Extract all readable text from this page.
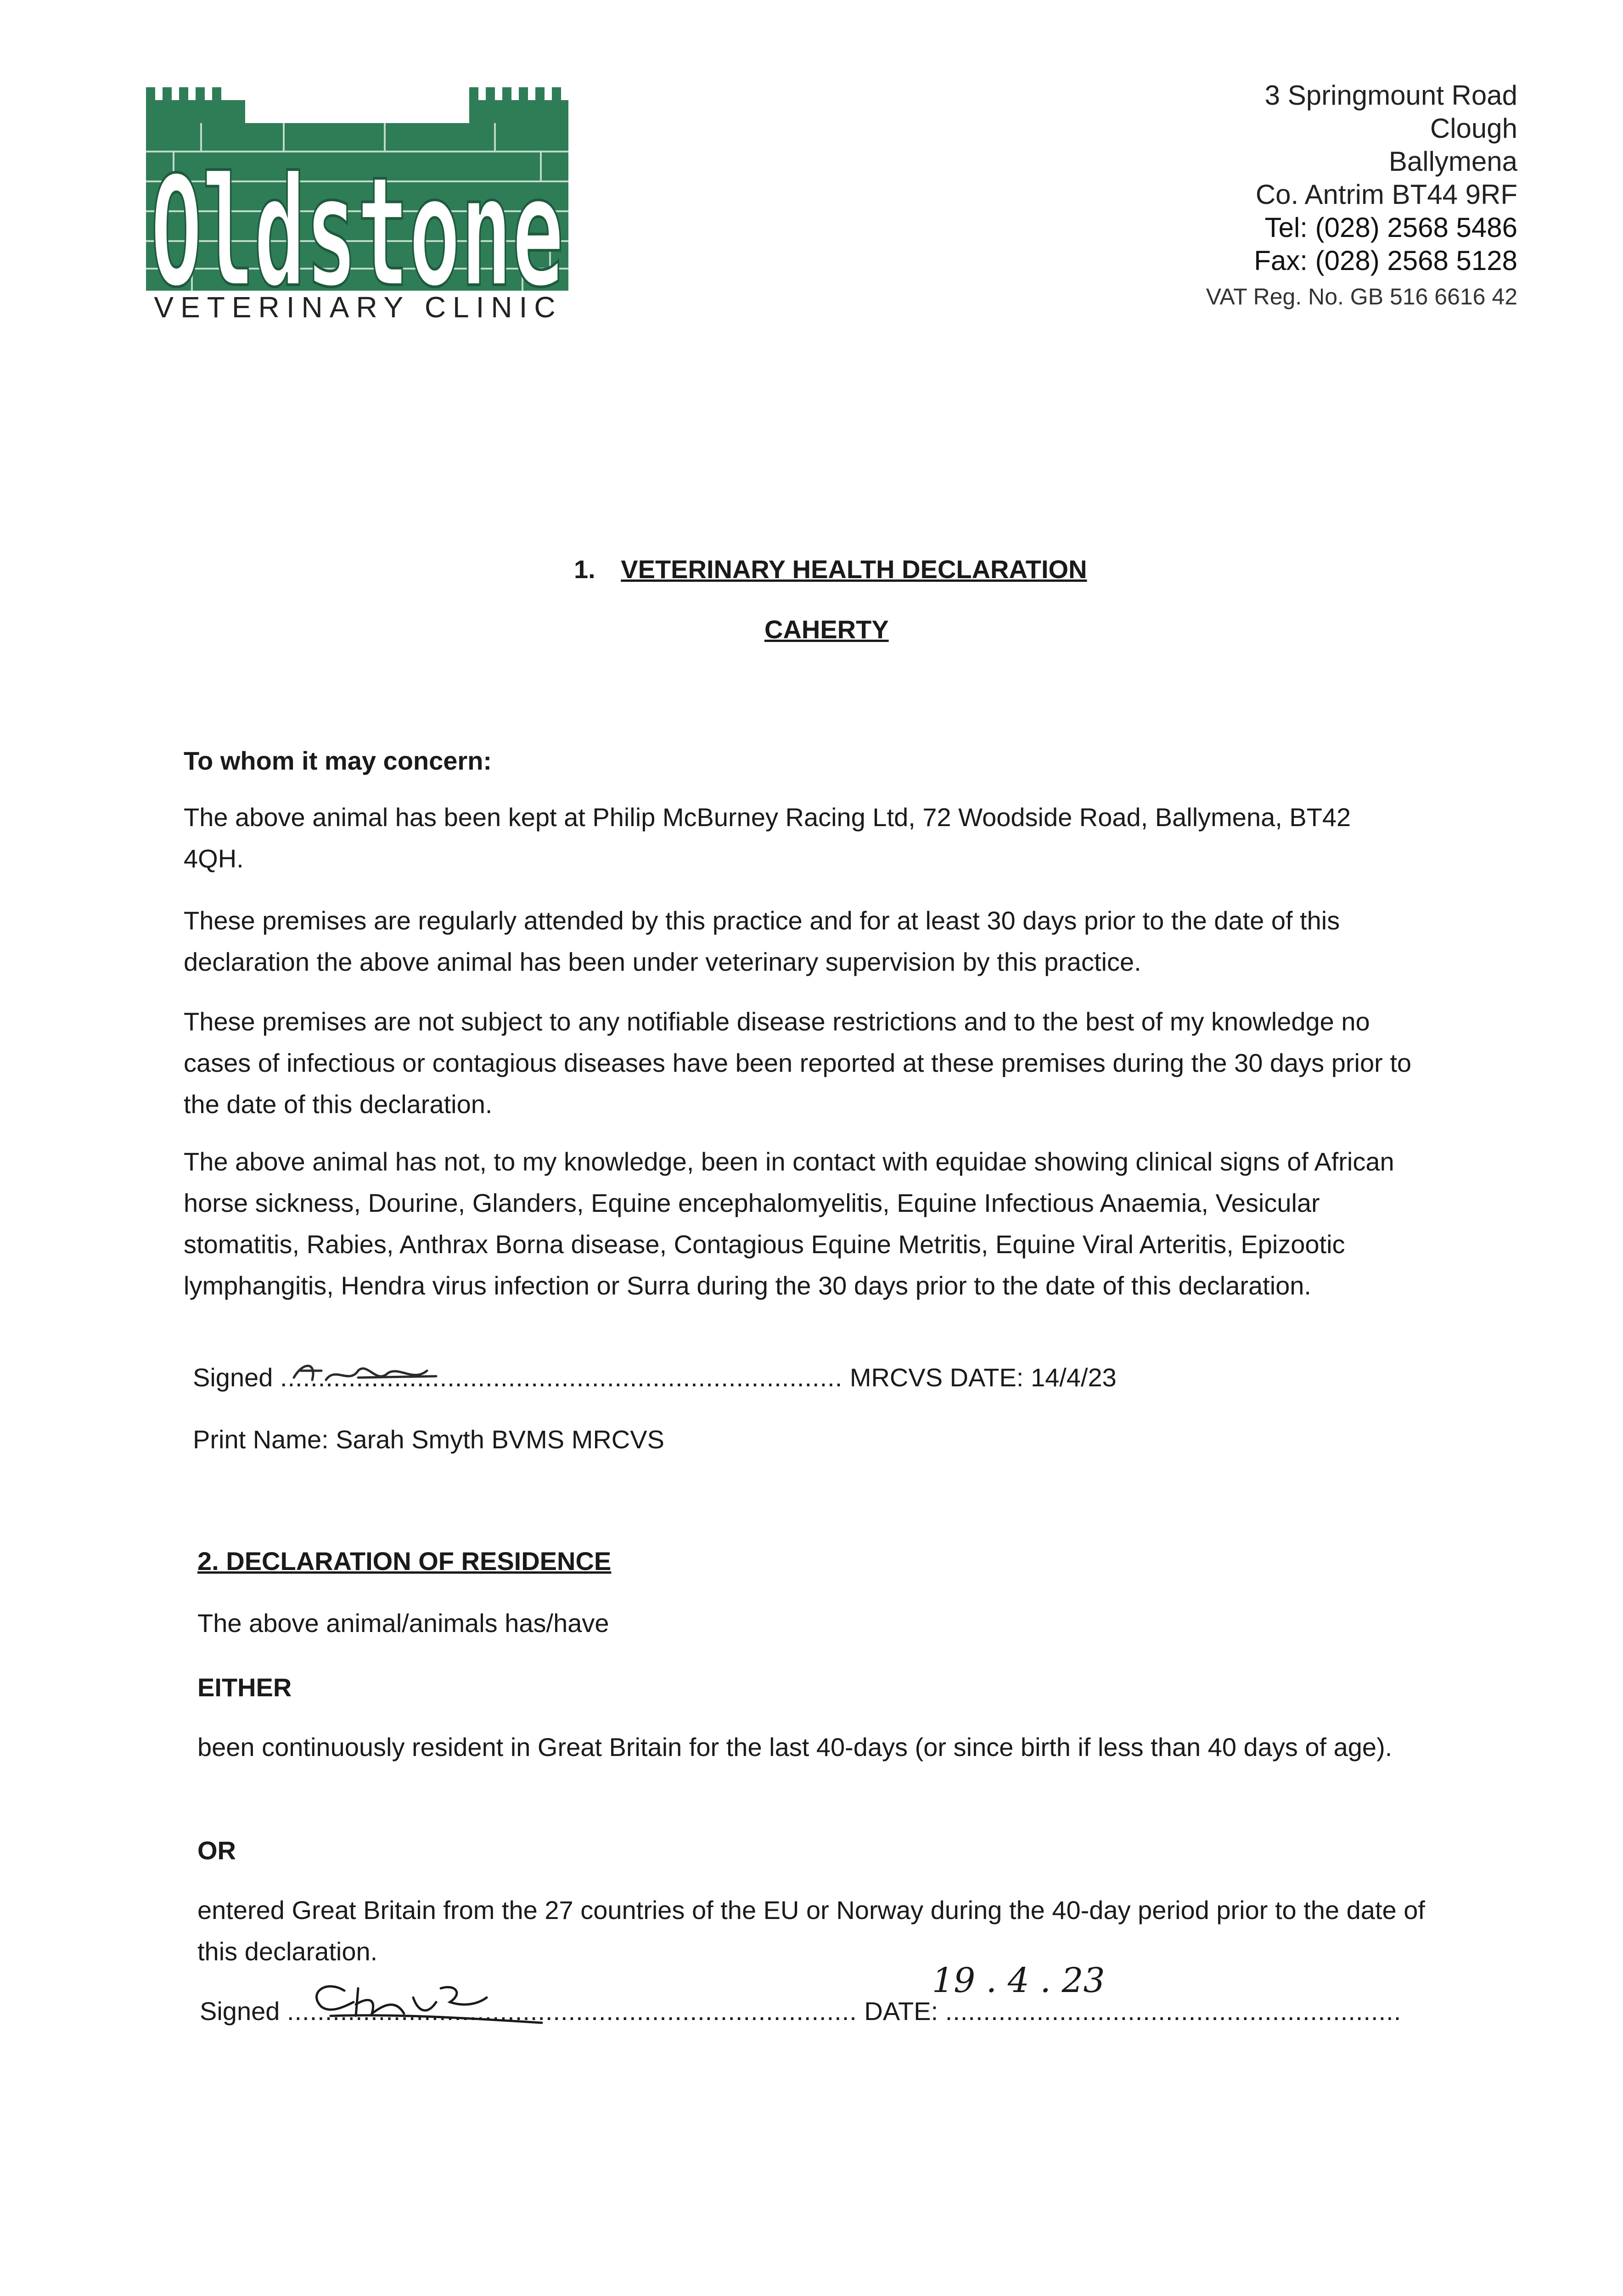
Oldstone
VETERINARY CLINIC
3 Springmount Road
Clough
Ballymena
Co. Antrim BT44 9RF
Tel: (028) 2568 5486
Fax: (028) 2568 5128
VAT Reg. No. GB 516 6616 42
1. VETERINARY HEALTH DECLARATION
CAHERTY
To whom it may concern:

The above animal has been kept at Philip McBurney Racing Ltd, 72 Woodside Road, Ballymena, BT42 4QH.

These premises are regularly attended by this practice and for at least 30 days prior to the date of this declaration the above animal has been under veterinary supervision by this practice.

These premises are not subject to any notifiable disease restrictions and to the best of my knowledge no cases of infectious or contagious diseases have been reported at these premises during the 30 days prior to the date of this declaration.

The above animal has not, to my knowledge, been in contact with equidae showing clinical signs of African horse sickness, Dourine, Glanders, Equine encephalomyelitis, Equine Infectious Anaemia, Vesicular stomatitis, Rabies, Anthrax Borna disease, Contagious Equine Metritis, Equine Viral Arteritis, Epizootic lymphangitis, Hendra virus infection or Surra during the 30 days prior to the date of this declaration.

Signed .......................................................................... MRCVS DATE: 14/4/23
Print Name: Sarah Smyth BVMS MRCVS
2. DECLARATION OF RESIDENCE
The above animal/animals has/have
EITHER

been continuously resident in Great Britain for the last 40-days (or since birth if less than 40 days of age).

OR

entered Great Britain from the 27 countries of the EU or Norway during the 40-day period prior to the date of this declaration.

Signed ........................................................................... DATE: ............................................................
19 . 4 . 23
